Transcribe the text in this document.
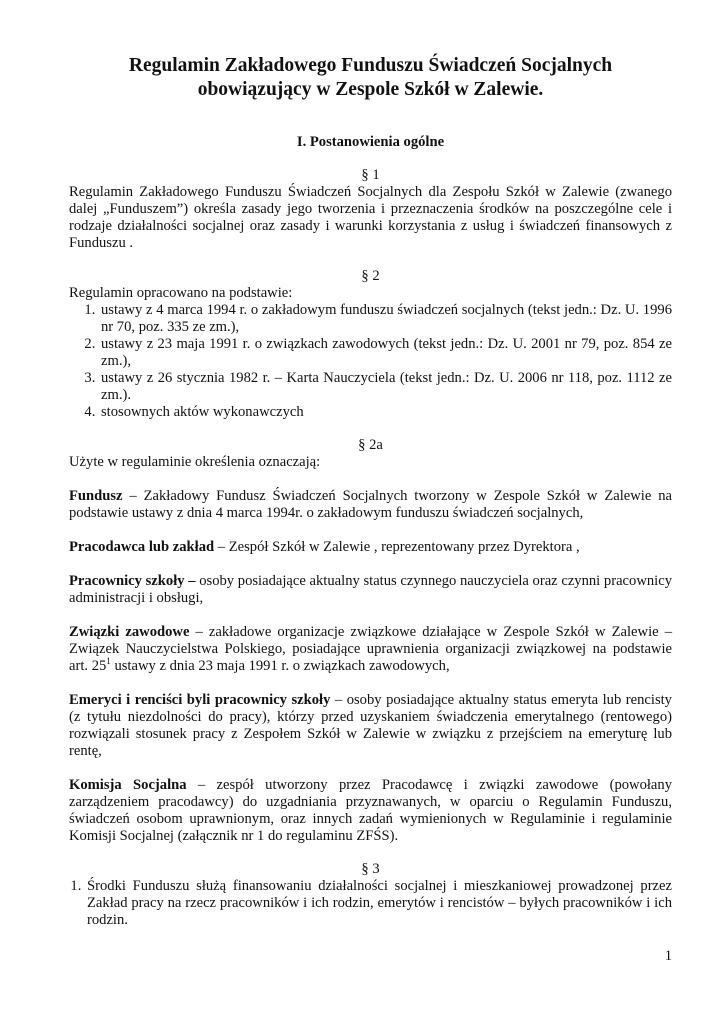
Regulamin Zakładowego Funduszu Świadczeń Socjalnych
obowiązujący w Zespole Szkół w Zalewie.
I. Postanowienia ogólne
§ 1

Regulamin Zakładowego Funduszu Świadczeń Socjalnych dla Zespołu Szkół w Zalewie (zwanego dalej „Funduszem”) określa zasady jego tworzenia i przeznaczenia środków na poszczególne cele i rodzaje działalności socjalnej oraz zasady i warunki korzystania z usług i świadczeń finansowych z Funduszu .

§ 2

Regulamin opracowano na podstawie:

1. ustawy z 4 marca 1994 r. o zakładowym funduszu świadczeń socjalnych (tekst jedn.: Dz. U. 1996 nr 70, poz. 335 ze zm.),
2. ustawy z 23 maja 1991 r. o związkach zawodowych (tekst jedn.: Dz. U. 2001 nr 79, poz. 854 ze zm.),
3. ustawy z 26 stycznia 1982 r. – Karta Nauczyciela (tekst jedn.: Dz. U. 2006 nr 118, poz. 1112 ze zm.).
4. stosownych aktów wykonawczych
§ 2a

Użyte w regulaminie określenia oznaczają:

Fundusz – Zakładowy Fundusz Świadczeń Socjalnych tworzony w Zespole Szkół w Zalewie na podstawie ustawy z dnia 4 marca 1994r. o zakładowym funduszu świadczeń socjalnych,

Pracodawca lub zakład – Zespół Szkół w Zalewie , reprezentowany przez Dyrektora ,

Pracownicy szkoły – osoby posiadające aktualny status czynnego nauczyciela oraz czynni pracownicy administracji i obsługi,

Związki zawodowe – zakładowe organizacje związkowe działające w Zespole Szkół w Zalewie – Związek Nauczycielstwa Polskiego, posiadające uprawnienia organizacji związkowej na podstawie art. $25^1$ ustawy z dnia 23 maja 1991 r. o związkach zawodowych,

Emeryci i renciści byli pracownicy szkoły – osoby posiadające aktualny status emeryta lub rencisty (z tytułu niezdolności do pracy), którzy przed uzyskaniem świadczenia emerytalnego (rentowego) rozwiązali stosunek pracy z Zespołem Szkół w Zalewie w związku z przejściem na emeryturę lub rentę,

Komisja Socjalna – zespół utworzony przez Pracodawcę i związki zawodowe (powołany zarządzeniem pracodawcy) do uzgadniania przyznawanych, w oparciu o Regulamin Funduszu, świadczeń osobom uprawnionym, oraz innych zadań wymienionych w Regulaminie i regulaminie Komisji Socjalnej (załącznik nr 1 do regulaminu ZFŚS).

§ 3
1. Środki Funduszu służą finansowaniu działalności socjalnej i mieszkaniowej prowadzonej przez Zakład pracy na rzecz pracowników i ich rodzin, emerytów i rencistów – byłych pracowników i ich rodzin.
1
